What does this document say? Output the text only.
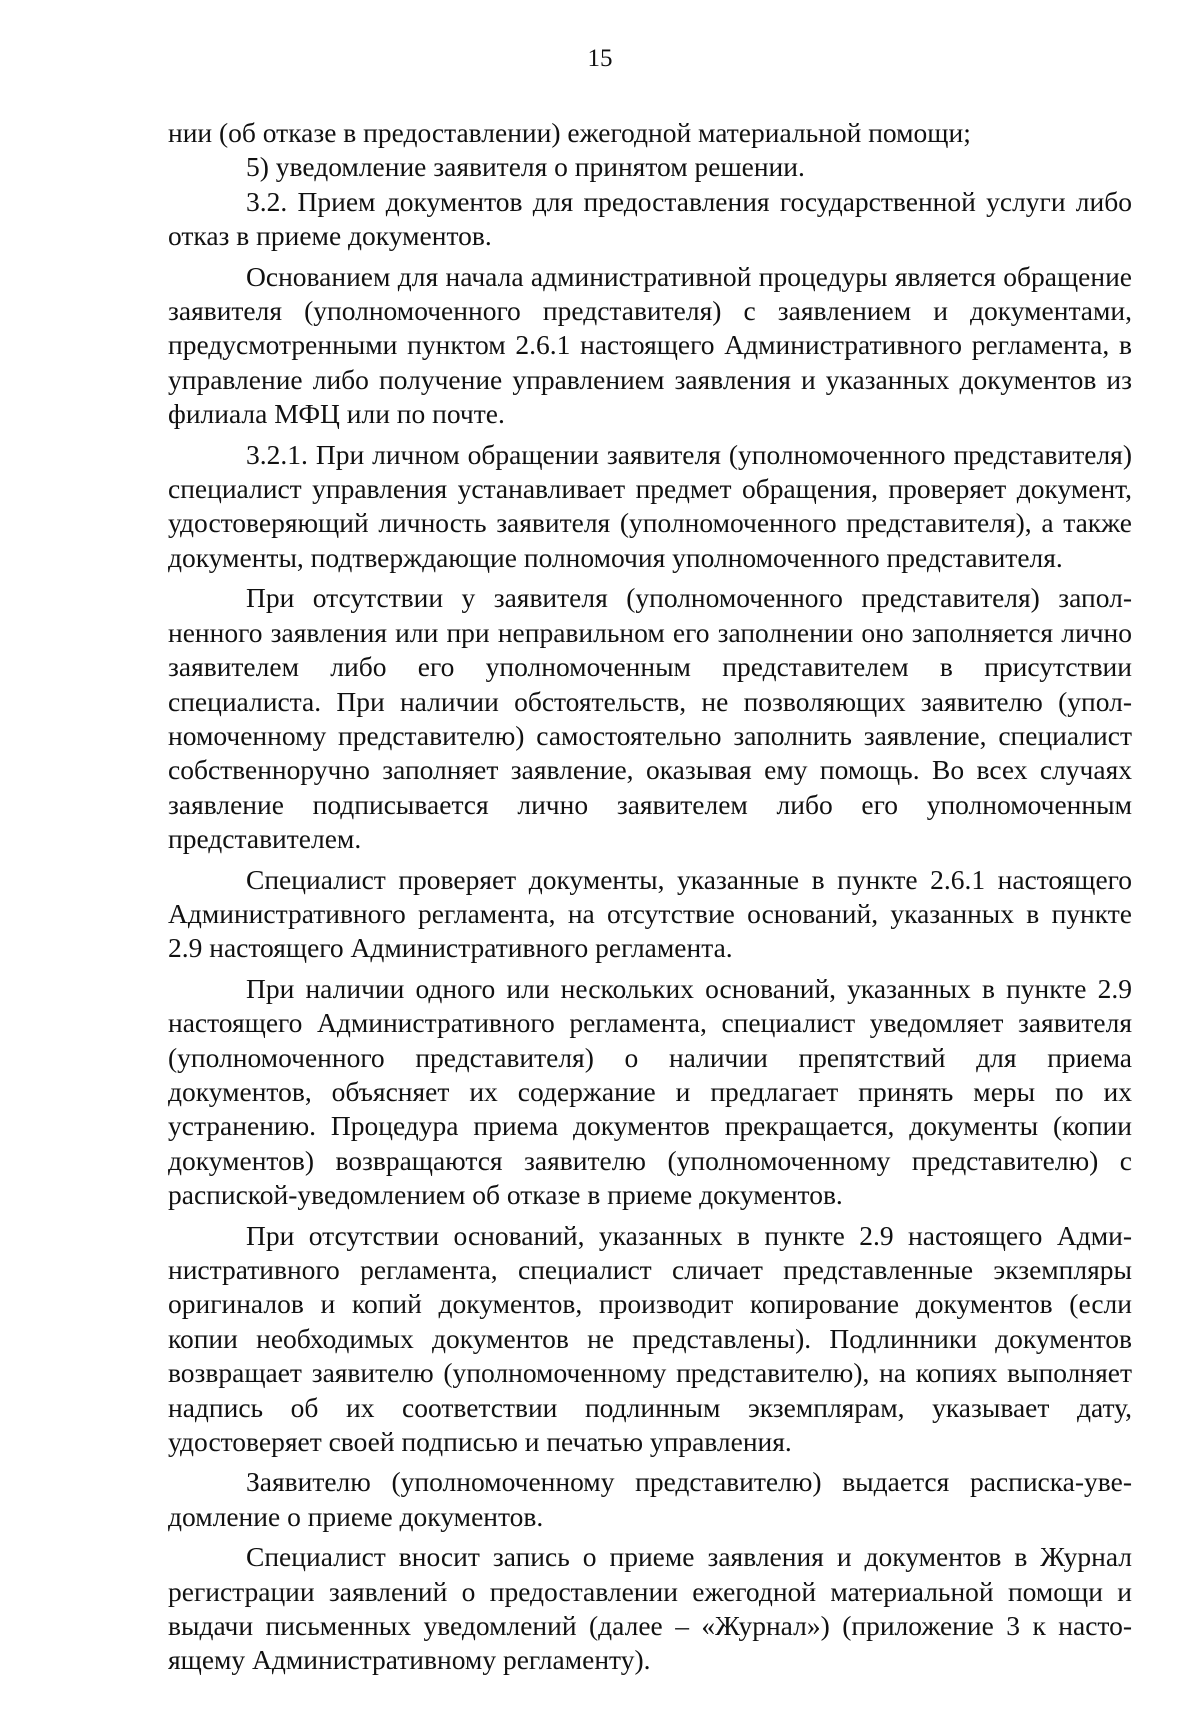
15

нии (об отказе в предоставлении) ежегодной материальной помощи;

5) уведомление заявителя о принятом решении.

3.2. Прием документов для предоставления государственной услуги либо отказ в приеме документов.

Основанием для начала административной процедуры является обращение заявителя (уполномоченного представителя) с заявлением и документами, предусмотренными пунктом 2.6.1 настоящего Административного регламента, в управление либо получение управлением заявления и указанных документов из филиала МФЦ или по почте.

3.2.1. При личном обращении заявителя (уполномоченного представителя) специалист управления устанавливает предмет обращения, проверяет документ, удостоверяющий личность заявителя (уполномоченного представителя), а также документы, подтверждающие полномочия уполномоченного представителя.

При отсутствии у заявителя (уполномоченного представителя) заполненного заявления или при неправильном его заполнении оно заполняется лично заявителем либо его уполномоченным представителем в присутствии специалиста. При наличии обстоятельств, не позволяющих заявителю (уполномоченному представителю) самостоятельно заполнить заявление, специалист собственноручно заполняет заявление, оказывая ему помощь. Во всех случаях заявление подписывается лично заявителем либо его уполномоченным представителем.

Специалист проверяет документы, указанные в пункте 2.6.1 настоящего Административного регламента, на отсутствие оснований, указанных в пункте 2.9 настоящего Административного регламента.

При наличии одного или нескольких оснований, указанных в пункте 2.9 настоящего Административного регламента, специалист уведомляет заявителя (уполномоченного представителя) о наличии препятствий для приема документов, объясняет их содержание и предлагает принять меры по их устранению. Процедура приема документов прекращается, документы (копии документов) возвращаются заявителю (уполномоченному представителю) с распиской-уведомлением об отказе в приеме документов.

При отсутствии оснований, указанных в пункте 2.9 настоящего Административного регламента, специалист сличает представленные экземпляры оригиналов и копий документов, производит копирование документов (если копии необходимых документов не представлены). Подлинники документов возвращает заявителю (уполномоченному представителю), на копиях выполняет надпись об их соответствии подлинным экземплярам, указывает дату, удостоверяет своей подписью и печатью управления.

Заявителю (уполномоченному представителю) выдается расписка-уведомление о приеме документов.

Специалист вносит запись о приеме заявления и документов в Журнал регистрации заявлений о предоставлении ежегодной материальной помощи и выдачи письменных уведомлений (далее – «Журнал») (приложение 3 к настоящему Административному регламенту).
